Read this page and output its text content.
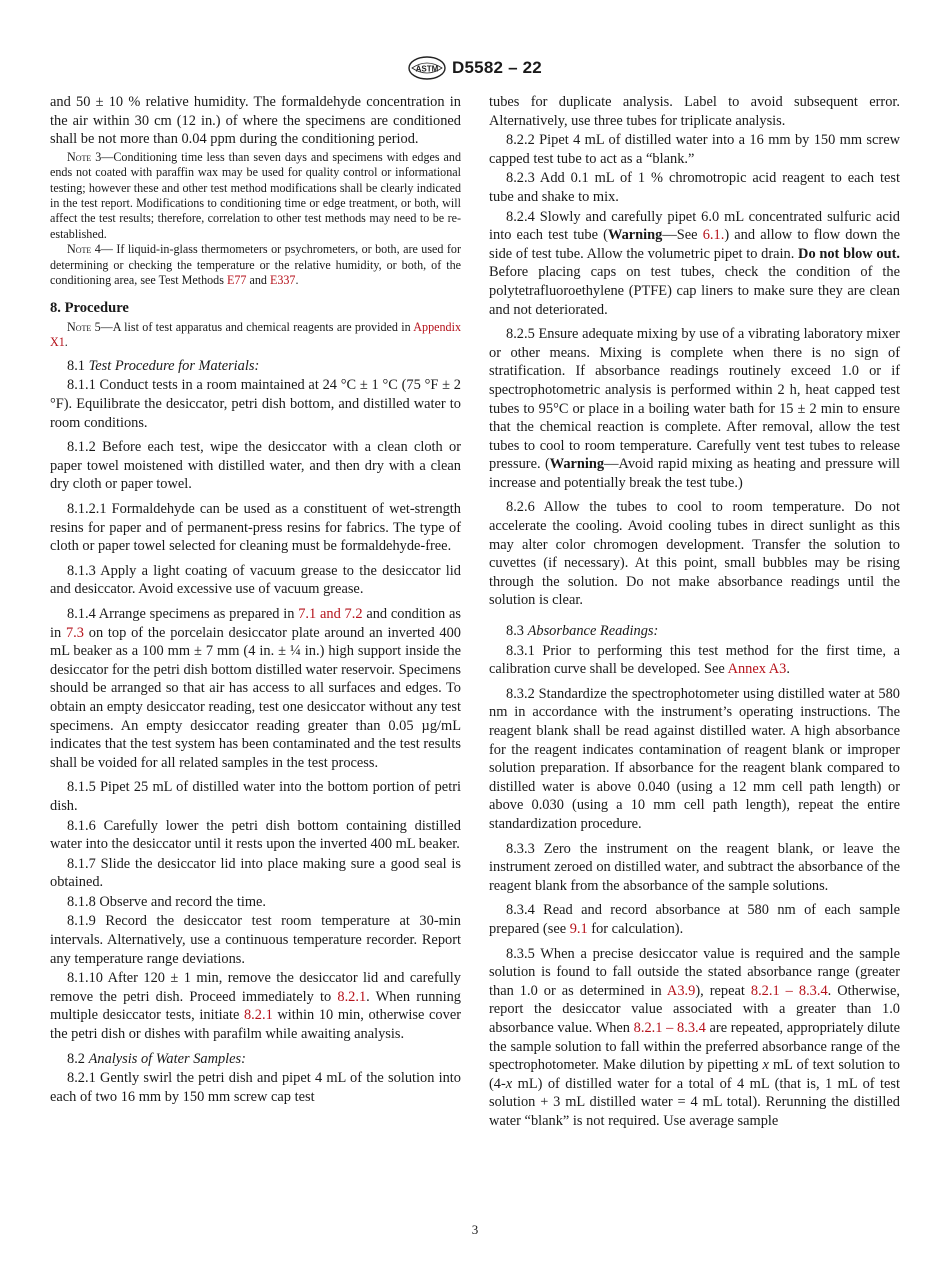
ASTM D5582 – 22

and 50 ± 10 % relative humidity. The formaldehyde concentration in the air within 30 cm (12 in.) of where the specimens are conditioned shall be not more than 0.04 ppm during the conditioning period.

Note 3—Conditioning time less than seven days and specimens with edges and ends not coated with paraffin wax may be used for quality control or informational testing; however these and other test method modifications shall be clearly indicated in the test report. Modifications to conditioning time or edge treatment, or both, will affect the test results; therefore, correlation to other test methods may need to be re-established.

Note 4— If liquid-in-glass thermometers or psychrometers, or both, are used for determining or checking the temperature or the relative humidity, or both, of the conditioning area, see Test Methods E77 and E337.

8. Procedure

Note 5—A list of test apparatus and chemical reagents are provided in Appendix X1.

8.1 Test Procedure for Materials:

8.1.1 Conduct tests in a room maintained at 24 °C ± 1 °C (75 °F ± 2 °F). Equilibrate the desiccator, petri dish bottom, and distilled water to room conditions.

8.1.2 Before each test, wipe the desiccator with a clean cloth or paper towel moistened with distilled water, and then dry with a clean dry cloth or paper towel.

8.1.2.1 Formaldehyde can be used as a constituent of wet-strength resins for paper and of permanent-press resins for fabrics. The type of cloth or paper towel selected for cleaning must be formaldehyde-free.

8.1.3 Apply a light coating of vacuum grease to the desiccator lid and desiccator. Avoid excessive use of vacuum grease.

8.1.4 Arrange specimens as prepared in 7.1 and 7.2 and condition as in 7.3 on top of the porcelain desiccator plate around an inverted 400 mL beaker as a 100 mm ± 7 mm (4 in. ± ¼ in.) high support inside the desiccator for the petri dish bottom distilled water reservoir. Specimens should be arranged so that air has access to all surfaces and edges. To obtain an empty desiccator reading, test one desiccator without any test specimens. An empty desiccator reading greater than 0.05 µg/mL indicates that the test system has been contaminated and the test results shall be voided for all related samples in the test process.

8.1.5 Pipet 25 mL of distilled water into the bottom portion of petri dish.

8.1.6 Carefully lower the petri dish bottom containing distilled water into the desiccator until it rests upon the inverted 400 mL beaker.

8.1.7 Slide the desiccator lid into place making sure a good seal is obtained.

8.1.8 Observe and record the time.

8.1.9 Record the desiccator test room temperature at 30-min intervals. Alternatively, use a continuous temperature recorder. Report any temperature range deviations.

8.1.10 After 120 ± 1 min, remove the desiccator lid and carefully remove the petri dish. Proceed immediately to 8.2.1. When running multiple desiccator tests, initiate 8.2.1 within 10 min, otherwise cover the petri dish or dishes with parafilm while awaiting analysis.

8.2 Analysis of Water Samples:

8.2.1 Gently swirl the petri dish and pipet 4 mL of the solution into each of two 16 mm by 150 mm screw cap test

tubes for duplicate analysis. Label to avoid subsequent error. Alternatively, use three tubes for triplicate analysis.

8.2.2 Pipet 4 mL of distilled water into a 16 mm by 150 mm screw capped test tube to act as a “blank.”

8.2.3 Add 0.1 mL of 1 % chromotropic acid reagent to each test tube and shake to mix.

8.2.4 Slowly and carefully pipet 6.0 mL concentrated sulfuric acid into each test tube (Warning—See 6.1.) and allow to flow down the side of test tube. Allow the volumetric pipet to drain. Do not blow out. Before placing caps on test tubes, check the condition of the polytetrafluoroethylene (PTFE) cap liners to make sure they are clean and not deteriorated.

8.2.5 Ensure adequate mixing by use of a vibrating laboratory mixer or other means. Mixing is complete when there is no sign of stratification. If absorbance readings routinely exceed 1.0 or if spectrophotometric analysis is performed within 2 h, heat capped test tubes to 95°C or place in a boiling water bath for 15 ± 2 min to ensure that the chemical reaction is complete. After removal, allow the test tubes to cool to room temperature. Carefully vent test tubes to release pressure. (Warning—Avoid rapid mixing as heating and pressure will increase and potentially break the test tube.)

8.2.6 Allow the tubes to cool to room temperature. Do not accelerate the cooling. Avoid cooling tubes in direct sunlight as this may alter color chromogen development. Transfer the solution to cuvettes (if necessary). At this point, small bubbles may be rising through the solution. Do not make absorbance readings until the solution is clear.

8.3 Absorbance Readings:

8.3.1 Prior to performing this test method for the first time, a calibration curve shall be developed. See Annex A3.

8.3.2 Standardize the spectrophotometer using distilled water at 580 nm in accordance with the instrument’s operating instructions. The reagent blank shall be read against distilled water. A high absorbance for the reagent indicates contamination of reagent blank or improper solution preparation. If absorbance for the reagent blank compared to distilled water is above 0.040 (using a 12 mm cell path length) or above 0.030 (using a 10 mm cell path length), repeat the entire standardization procedure.

8.3.3 Zero the instrument on the reagent blank, or leave the instrument zeroed on distilled water, and subtract the absorbance of the reagent blank from the absorbance of the sample solutions.

8.3.4 Read and record absorbance at 580 nm of each sample prepared (see 9.1 for calculation).

8.3.5 When a precise desiccator value is required and the sample solution is found to fall outside the stated absorbance range (greater than 1.0 or as determined in A3.9), repeat 8.2.1 – 8.3.4. Otherwise, report the desiccator value associated with a greater than 1.0 absorbance value. When 8.2.1 – 8.3.4 are repeated, appropriately dilute the sample solution to fall within the preferred absorbance range of the spectrophotometer. Make dilution by pipetting x mL of text solution to (4-x mL) of distilled water for a total of 4 mL (that is, 1 mL of test solution + 3 mL distilled water = 4 mL total). Rerunning the distilled water “blank” is not required. Use average sample

3
